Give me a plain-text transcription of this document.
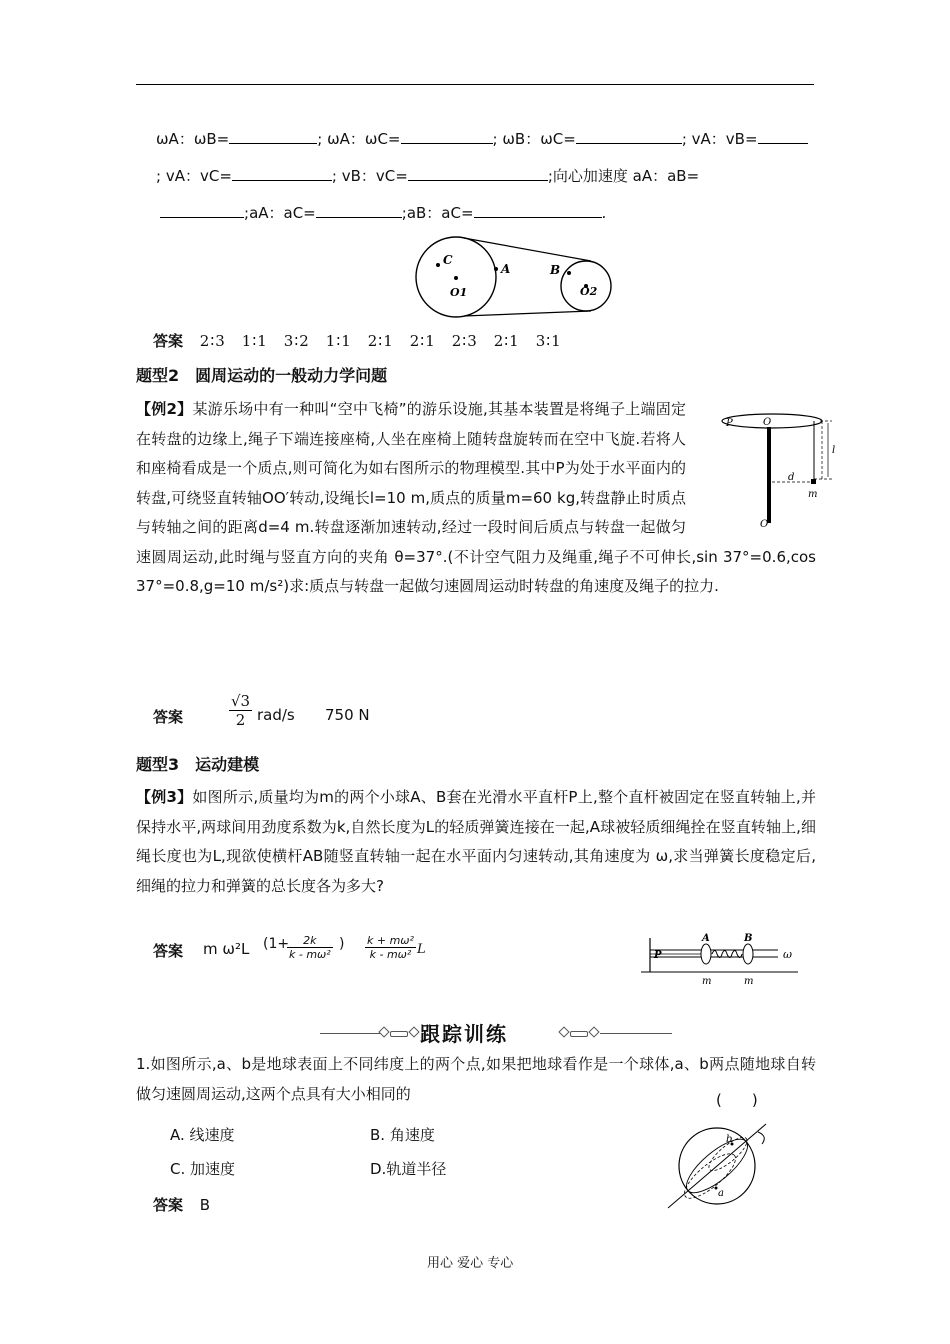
ωA：ωB=	; ωA：ωC=	; ωB：ωC=	; vA：vB=
; vA：vC=	; vB：vC=	;向心加速度 aA：aB=
;aA：aC=	;aB：aC=	.
C
O1
A	B
O2
答案 2∶3　1∶1　3∶2　1∶1　2∶1　2∶1　2∶3　2∶1　3∶1
题型2　圆周运动的一般动力学问题
【例2】某游乐场中有一种叫“空中飞椅”的游乐设施,其基本装置是将绳子上端固定在转盘的边缘上,绳子下端连接座椅,人坐在座椅上随转盘旋转而在空中飞旋.若将人和座椅看成是一个质点,则可简化为如右图所示的物理模型.其中P为处于水平面内的转盘,可绕竖直转轴OO′转动,设绳长l=10 m,质点的质量m=60 kg,转盘静止时质点与转轴之间的距离d=4 m.转盘逐渐加速转动,经过一段时间后质点与转盘一起做匀速圆周运动,此时绳与竖直方向的夹角 θ=37°.(不计空气阻力及绳重,绳子不可伸长,sin 37°=0.6,cos 37°=0.8,g=10 m/s²)求:质点与转盘一起做匀速圆周运动时转盘的角速度及绳子的拉力.
P	O
l
d
m
O′
答案	$\frac{√3}{2} rad/s$ 750 N
题型3　运动建模
【例3】如图所示,质量均为m的两个小球A、B套在光滑水平直杆P上,整个直杆被固定在竖直转轴上,并保持水平,两球间用劲度系数为k,自然长度为L的轻质弹簧连接在一起,A球被轻质细绳拴在竖直转轴上,细绳长度也为L,现欲使横杆AB随竖直转轴一起在水平面内匀速转动,其角速度为 ω,求当弹簧长度稳定后,细绳的拉力和弹簧的总长度各为多大?
答案 m ω²L (1+
$\frac{2k}{\text{k - mω²}}$ ) $\frac{\text{k + mω²}}{\text{k - mω²}}$ L	P
A	B
m	m
ω
跟踪训练
1.如图所示,a、b是地球表面上不同纬度上的两个点,如果把地球看作是一个球体,a、b两点随地球自转做匀速圆周运动,这两个点具有大小相同的	(　　)
A. 线速度	B. 角速度
C. 加速度	D.轨道半径
答案 B
b
a
用心 爱心 专心
